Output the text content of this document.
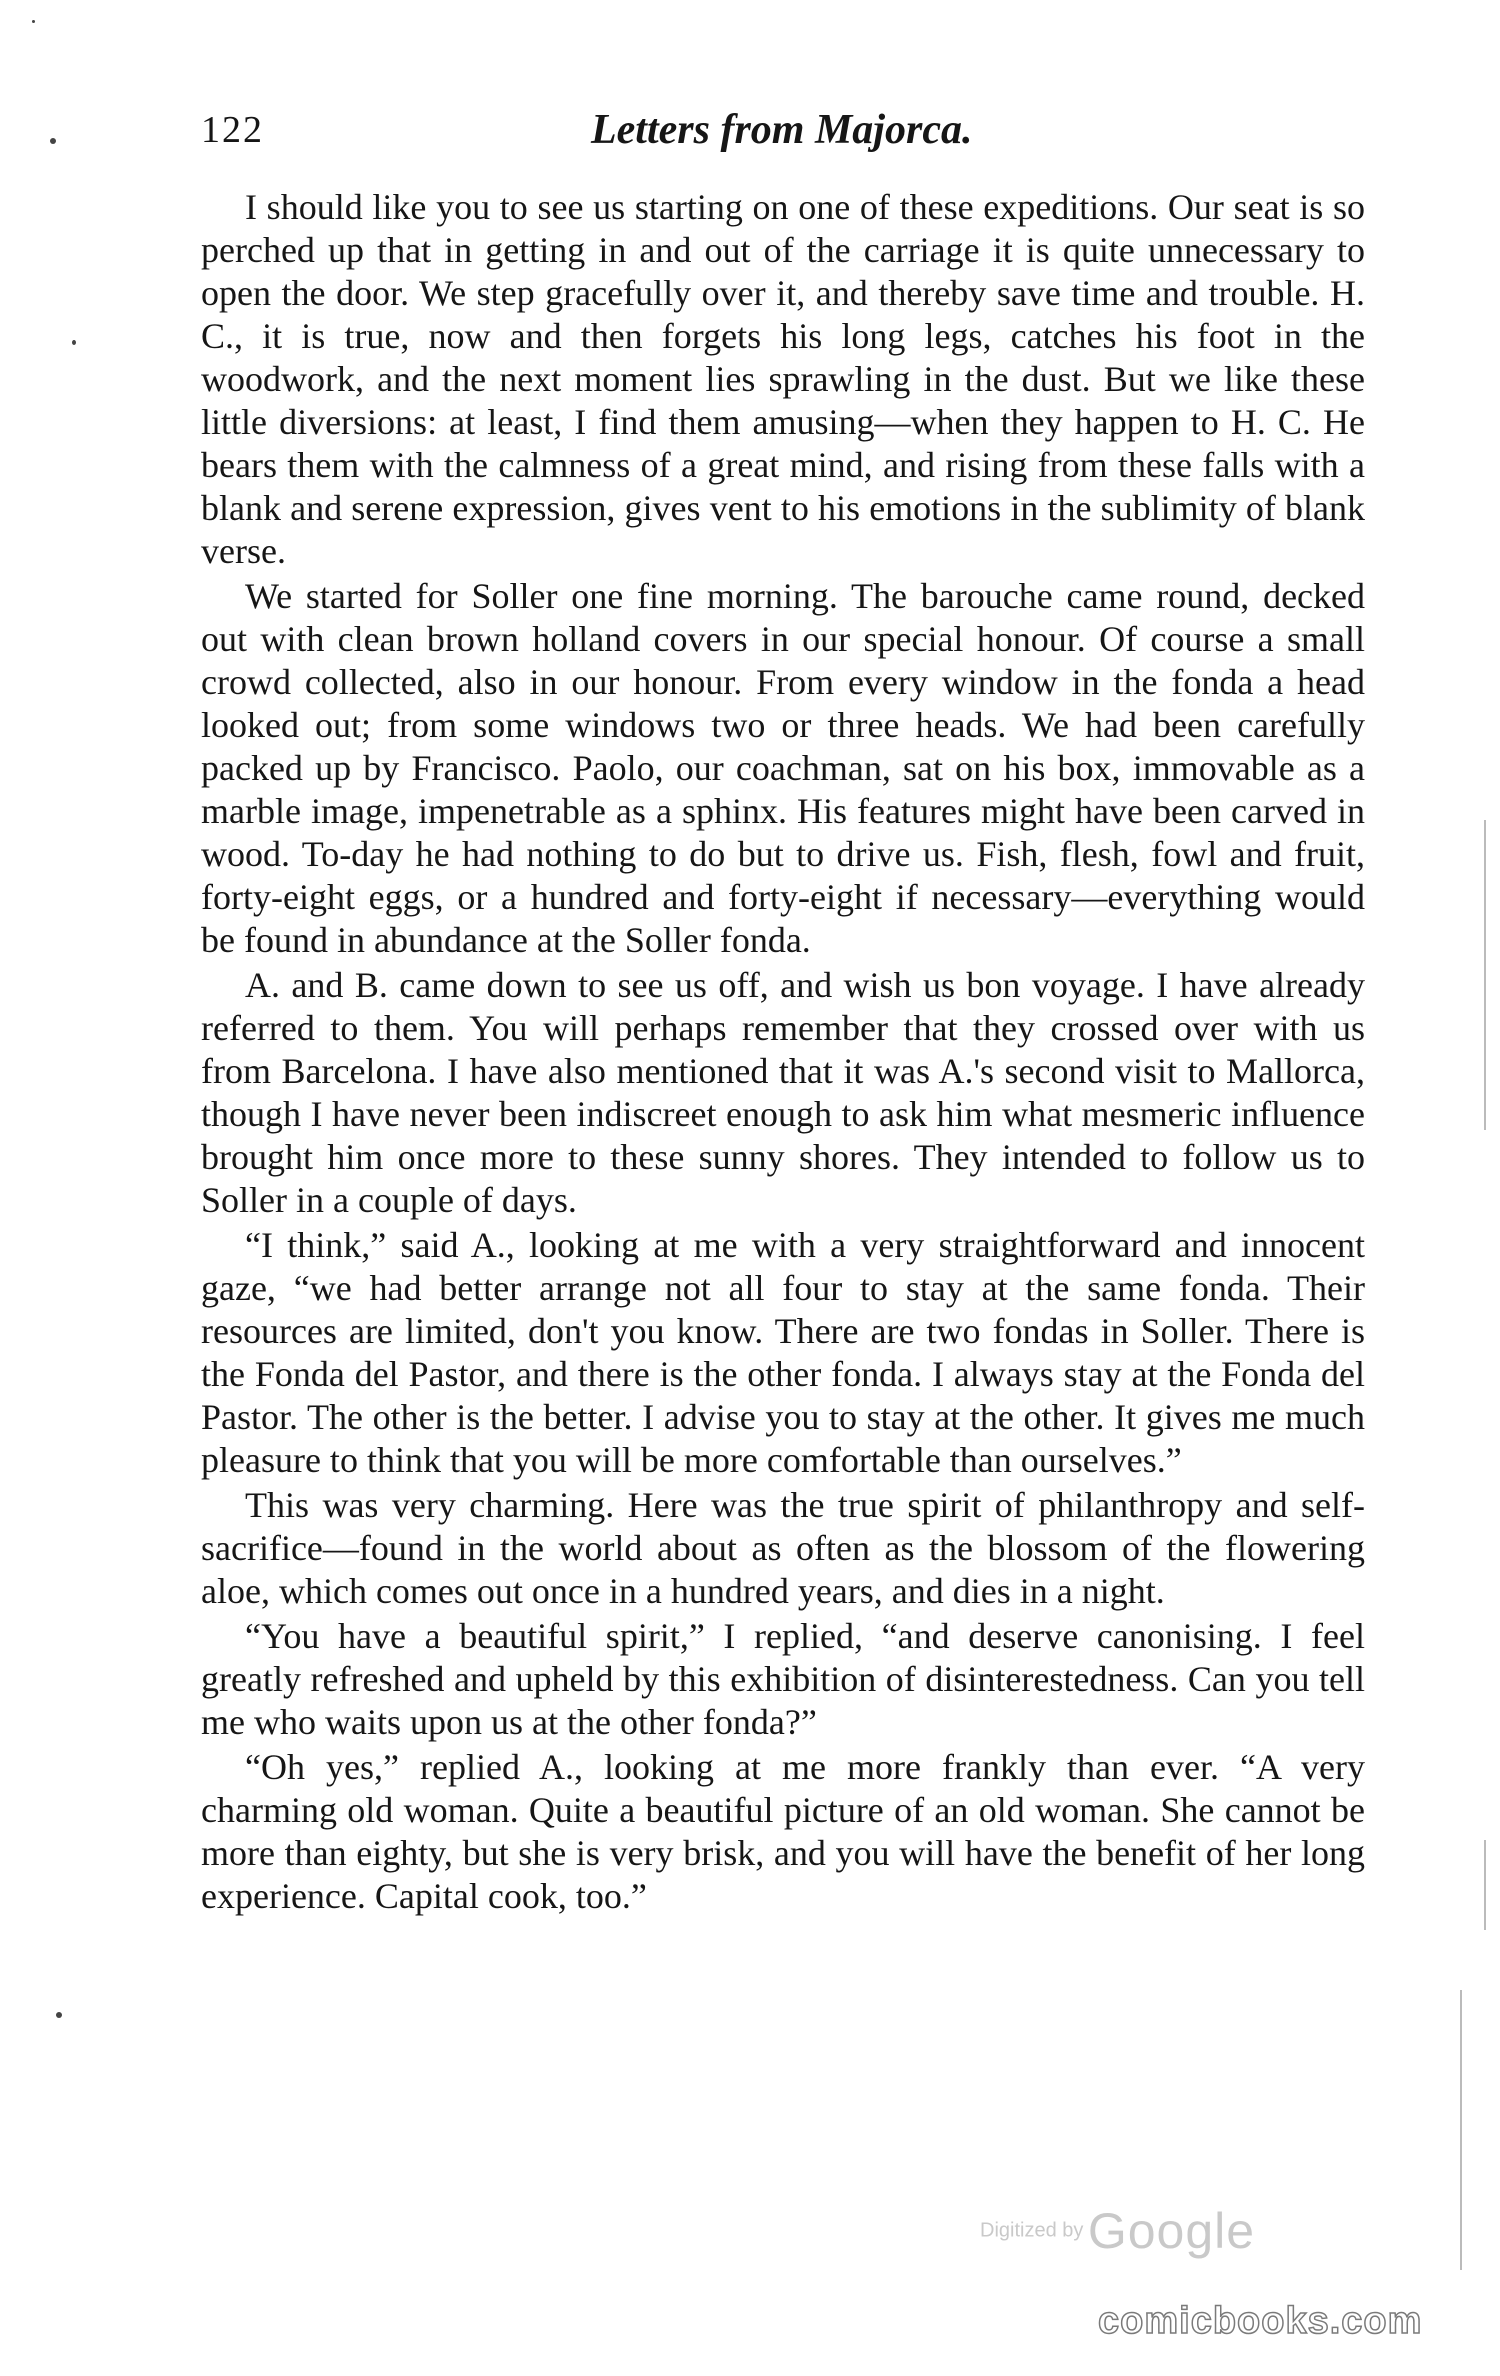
122	Letters from Majorca.

I should like you to see us starting on one of these expeditions. Our seat is so perched up that in getting in and out of the carriage it is quite unnecessary to open the door. We step gracefully over it, and thereby save time and trouble. H. C., it is true, now and then forgets his long legs, catches his foot in the woodwork, and the next moment lies sprawling in the dust. But we like these little diversions: at least, I find them amusing—when they happen to H. C. He bears them with the calmness of a great mind, and rising from these falls with a blank and serene expression, gives vent to his emotions in the sublimity of blank verse.

We started for Soller one fine morning. The barouche came round, decked out with clean brown holland covers in our special honour. Of course a small crowd collected, also in our honour. From every window in the fonda a head looked out; from some windows two or three heads. We had been carefully packed up by Francisco. Paolo, our coachman, sat on his box, immovable as a marble image, impenetrable as a sphinx. His features might have been carved in wood. To-day he had nothing to do but to drive us. Fish, flesh, fowl and fruit, forty-eight eggs, or a hundred and forty-eight if necessary—everything would be found in abundance at the Soller fonda.

A. and B. came down to see us off, and wish us bon voyage. I have already referred to them. You will perhaps remember that they crossed over with us from Barcelona. I have also mentioned that it was A.'s second visit to Mallorca, though I have never been indiscreet enough to ask him what mesmeric influence brought him once more to these sunny shores. They intended to follow us to Soller in a couple of days.

“I think,” said A., looking at me with a very straightforward and innocent gaze, “we had better arrange not all four to stay at the same fonda. Their resources are limited, don't you know. There are two fondas in Soller. There is the Fonda del Pastor, and there is the other fonda. I always stay at the Fonda del Pastor. The other is the better. I advise you to stay at the other. It gives me much pleasure to think that you will be more comfortable than ourselves.”

This was very charming. Here was the true spirit of philanthropy and self-sacrifice—found in the world about as often as the blossom of the flowering aloe, which comes out once in a hundred years, and dies in a night.

“You have a beautiful spirit,” I replied, “and deserve canonising. I feel greatly refreshed and upheld by this exhibition of disinterestedness. Can you tell me who waits upon us at the other fonda?”

“Oh yes,” replied A., looking at me more frankly than ever. “A very charming old woman. Quite a beautiful picture of an old woman. She cannot be more than eighty, but she is very brisk, and you will have the benefit of her long experience. Capital cook, too.”

Digitized by Google
comicbooks.com
